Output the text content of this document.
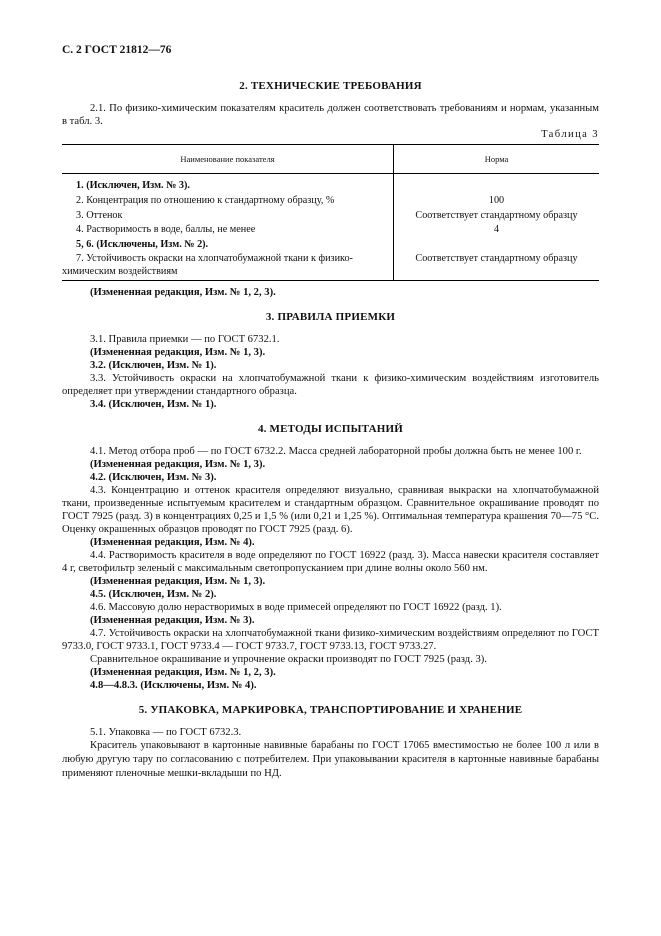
С. 2 ГОСТ 21812—76
2. ТЕХНИЧЕСКИЕ ТРЕБОВАНИЯ

2.1. По физико-химическим показателям краситель должен соответствовать требованиям и нормам, указанным в табл. 3.

Таблица 3
Наименование показателя	Норма

1. (Исключен, Изм. № 3).	
2. Концентрация по отношению к стандартному образцу, %	100
3. Оттенок	Соответствует стандартному образцу
4. Растворимость в воде, баллы, не менее	4
5, 6. (Исключены, Изм. № 2).	
7. Устойчивость окраски на хлопчатобумажной ткани к физико-химическим воздействиям	Соответствует стандартному образцу

(Измененная редакция, Изм. № 1, 2, 3).

3. ПРАВИЛА ПРИЕМКИ

3.1. Правила приемки — по ГОСТ 6732.1.

(Измененная редакция, Изм. № 1, 3).

3.2. (Исключен, Изм. № 1).

3.3. Устойчивость окраски на хлопчатобумажной ткани к физико-химическим воздействиям изготовитель определяет при утверждении стандартного образца.

3.4. (Исключен, Изм. № 1).

4. МЕТОДЫ ИСПЫТАНИЙ

4.1. Метод отбора проб — по ГОСТ 6732.2. Масса средней лабораторной пробы должна быть не менее 100 г.

(Измененная редакция, Изм. № 1, 3).

4.2. (Исключен, Изм. № 3).

4.3. Концентрацию и оттенок красителя определяют визуально, сравнивая выкраски на хлопчатобумажной ткани, произведенные испытуемым красителем и стандартным образцом. Сравнительное окрашивание проводят по ГОСТ 7925 (разд. 3) в концентрациях 0,25 и 1,5 % (или 0,21 и 1,25 %). Оптимальная температура крашения 70—75 °С. Оценку окрашенных образцов проводят по ГОСТ 7925 (разд. 6).

(Измененная редакция, Изм. № 4).

4.4. Растворимость красителя в воде определяют по ГОСТ 16922 (разд. 3). Масса навески красителя составляет 4 г, светофильтр зеленый с максимальным светопропусканием при длине волны около 560 нм.

(Измененная редакция, Изм. № 1, 3).

4.5. (Исключен, Изм. № 2).

4.6. Массовую долю нерастворимых в воде примесей определяют по ГОСТ 16922 (разд. 1).

(Измененная редакция, Изм. № 3).

4.7. Устойчивость окраски на хлопчатобумажной ткани физико-химическим воздействиям определяют по ГОСТ 9733.0, ГОСТ 9733.1, ГОСТ 9733.4 — ГОСТ 9733.7, ГОСТ 9733.13, ГОСТ 9733.27.

Сравнительное окрашивание и упрочнение окраски производят по ГОСТ 7925 (разд. 3).

(Измененная редакция, Изм. № 1, 2, 3).

4.8—4.8.3. (Исключены, Изм. № 4).

5. УПАКОВКА, МАРКИРОВКА, ТРАНСПОРТИРОВАНИЕ И ХРАНЕНИЕ

5.1. Упаковка — по ГОСТ 6732.3.

Краситель упаковывают в картонные навивные барабаны по ГОСТ 17065 вместимостью не более 100 л или в любую другую тару по согласованию с потребителем. При упаковывании красителя в картонные навивные барабаны применяют пленочные мешки-вкладыши по НД.
